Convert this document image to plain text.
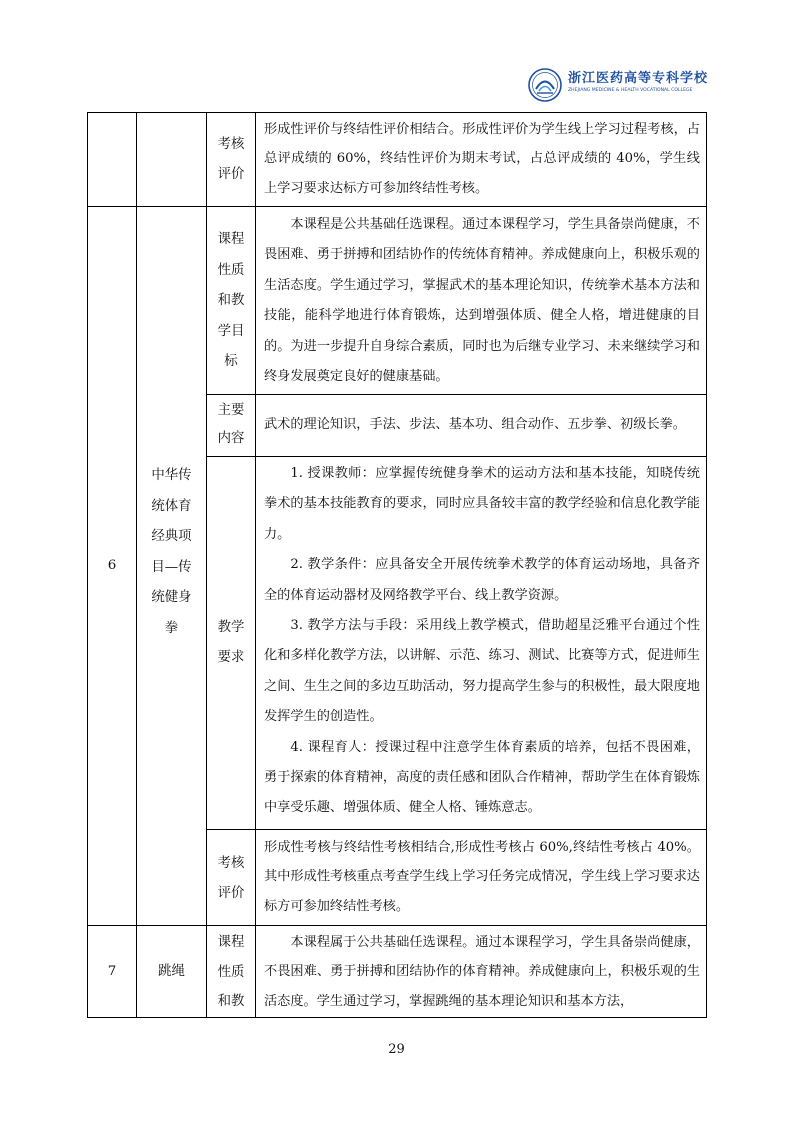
浙江医药高等专科学校
ZHEJIANG MEDICINE & HEALTH VOCATIONAL COLLEGE
考核
评价

形成性评价与终结性评价相结合。形成性评价为学生线上学习过程考核，占总评成绩的 60%，终结性评价为期末考试，占总评成绩的 40%，学生线上学习要求达标方可参加终结性考核。

6
中华传
统体育
经典项
目—传
统健身
拳
课程
性质
和教
学目
标

本课程是公共基础任选课程。通过本课程学习，学生具备崇尚健康，不畏困难、勇于拼搏和团结协作的传统体育精神。养成健康向上，积极乐观的生活态度。学生通过学习，掌握武术的基本理论知识，传统拳术基本方法和技能，能科学地进行体育锻炼，达到增强体质、健全人格，增进健康的目的。为进一步提升自身综合素质，同时也为后继专业学习、未来继续学习和终身发展奠定良好的健康基础。

主要
内容
武术的理论知识，手法、步法、基本功、组合动作、五步拳、初级长拳。
教学
要求

1. 授课教师：应掌握传统健身拳术的运动方法和基本技能，知晓传统拳术的基本技能教育的要求，同时应具备较丰富的教学经验和信息化教学能力。

2. 教学条件：应具备安全开展传统拳术教学的体育运动场地，具备齐全的体育运动器材及网络教学平台、线上教学资源。

3. 教学方法与手段：采用线上教学模式，借助超星泛雅平台通过个性化和多样化教学方法，以讲解、示范、练习、测试、比赛等方式，促进师生之间、生生之间的多边互助活动，努力提高学生参与的积极性，最大限度地发挥学生的创造性。

4. 课程育人：授课过程中注意学生体育素质的培养，包括不畏困难，勇于探索的体育精神，高度的责任感和团队合作精神，帮助学生在体育锻炼中享受乐趣、增强体质、健全人格、锤炼意志。

考核
评价

形成性考核与终结性考核相结合,形成性考核占 60%,终结性考核占 40%。其中形成性考核重点考查学生线上学习任务完成情况，学生线上学习要求达标方可参加终结性考核。

7	跳绳
课程
性质
和教

本课程属于公共基础任选课程。通过本课程学习，学生具备崇尚健康，不畏困难、勇于拼搏和团结协作的体育精神。养成健康向上，积极乐观的生活态度。学生通过学习，掌握跳绳的基本理论知识和基本方法，

29
